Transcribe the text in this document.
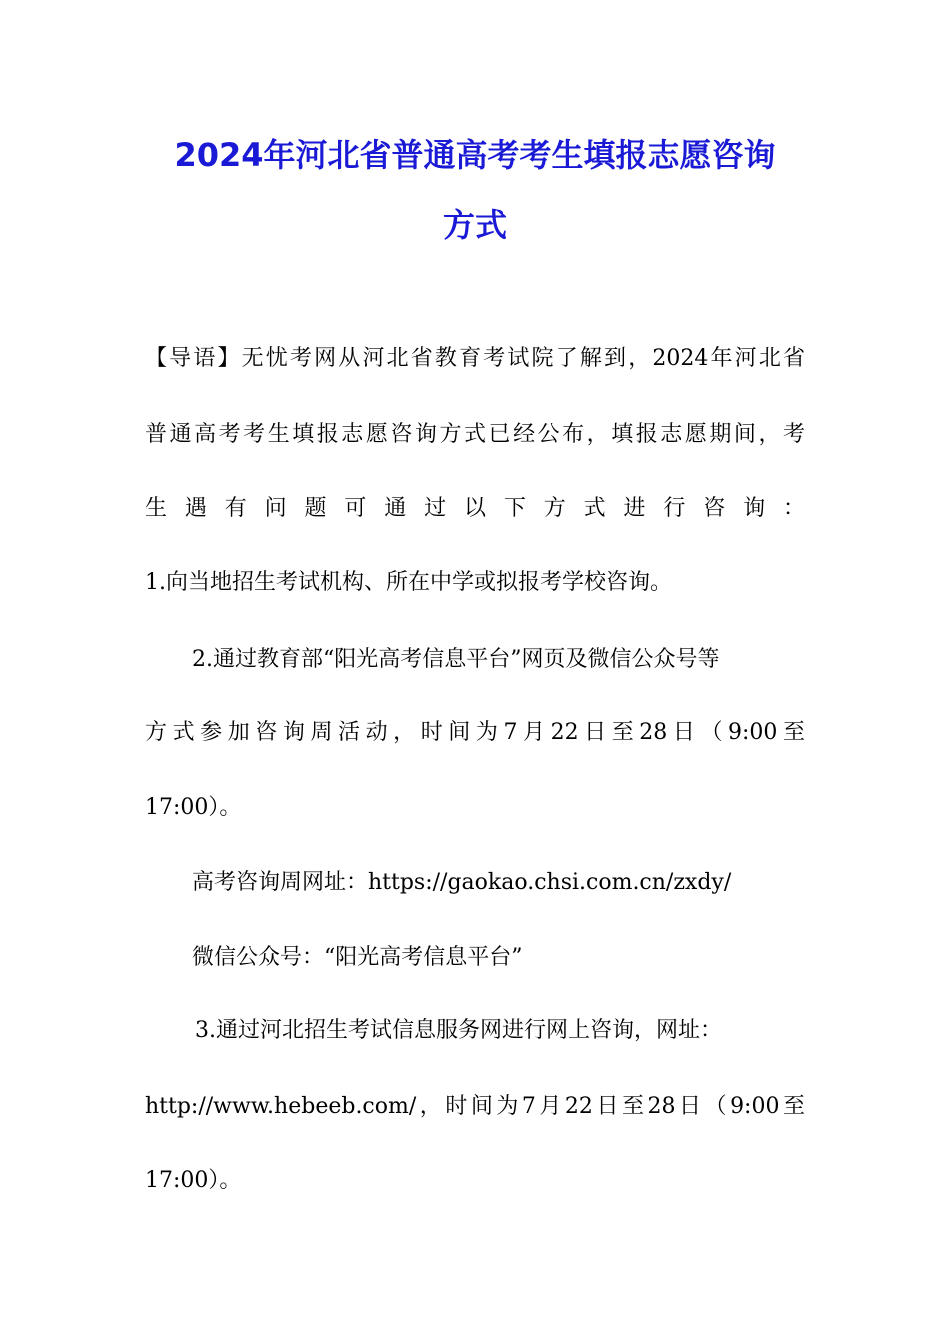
2024年河北省普通高考考生填报志愿咨询
方式
【导语】无忧考网从河北省教育考试院了解到，2024年河北省
普通高考考生填报志愿咨询方式已经公布，填报志愿期间，考
生遇有问题可通过以下方式进行咨询：
1.向当地招生考试机构、所在中学或拟报考学校咨询。
2.通过教育部“阳光高考信息平台”网页及微信公众号等
方式参加咨询周活动，时间为7月22日至28日（9:00至
17:00）。
高考咨询周网址：https://gaokao.chsi.com.cn/zxdy/
微信公众号：“阳光高考信息平台”
3.通过河北招生考试信息服务网进行网上咨询，网址：
http://www.hebeeb.com/，时间为7月22日至28日（9:00至
17:00）。
